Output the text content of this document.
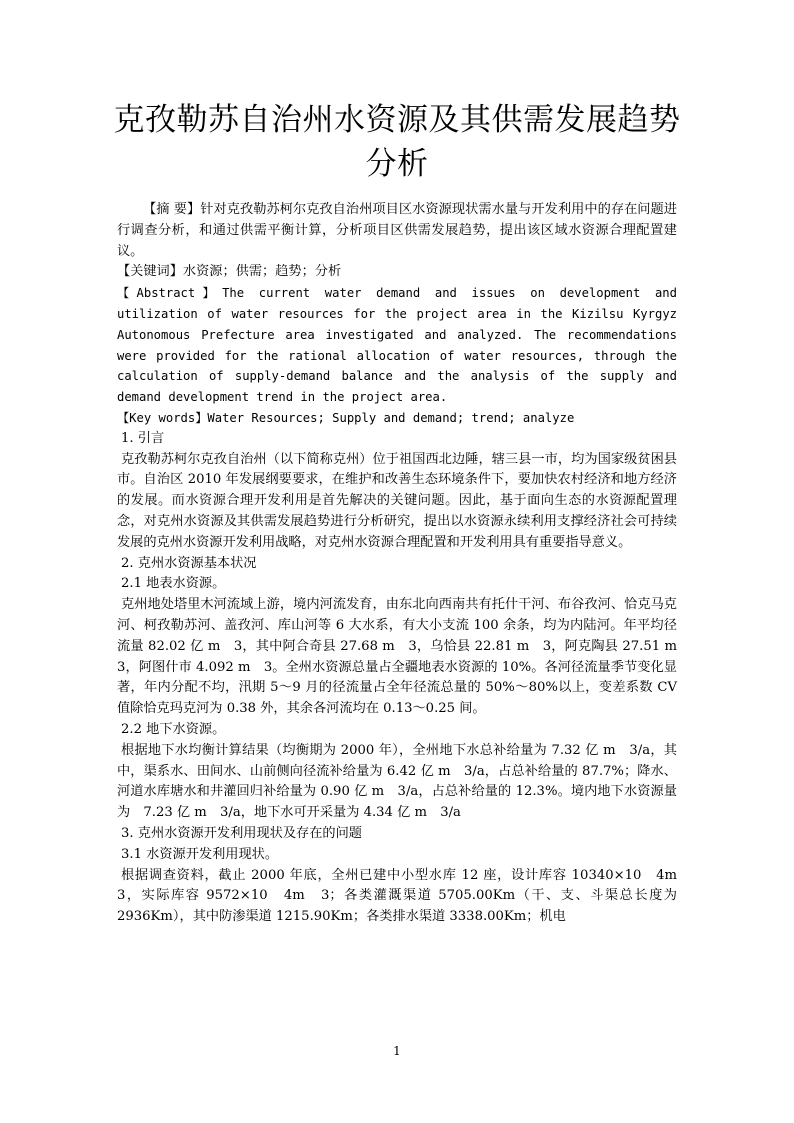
克孜勒苏自治州水资源及其供需发展趋势分析

【摘 要】针对克孜勒苏柯尔克孜自治州项目区水资源现状需水量与开发利用中的存在问题进行调查分析，和通过供需平衡计算，分析项目区供需发展趋势，提出该区域水资源合理配置建议。

【关键词】水资源；供需；趋势；分析

【Abstract】The current water demand and issues on development and utilization of water resources for the project area in the Kizilsu Kyrgyz Autonomous Prefecture area investigated and analyzed. The recommendations were provided for the rational allocation of water resources, through the calculation of supply-demand balance and the analysis of the supply and demand development trend in the project area.

【Key words】Water Resources; Supply and demand; trend; analyze

1. 引言

克孜勒苏柯尔克孜自治州（以下简称克州）位于祖国西北边陲，辖三县一市，均为国家级贫困县市。自治区 2010 年发展纲要要求，在维护和改善生态环境条件下，要加快农村经济和地方经济的发展。而水资源合理开发利用是首先解决的关键问题。因此，基于面向生态的水资源配置理念，对克州水资源及其供需发展趋势进行分析研究，提出以水资源永续利用支撑经济社会可持续发展的克州水资源开发利用战略，对克州水资源合理配置和开发利用具有重要指导意义。

2. 克州水资源基本状况

2.1 地表水资源。

克州地处塔里木河流域上游，境内河流发育，由东北向西南共有托什干河、布谷孜河、恰克马克河、柯孜勒苏河、盖孜河、库山河等 6 大水系，有大小支流 100 余条，均为内陆河。年平均径流量 82.02 亿 m　3，其中阿合奇县 27.68 m　3，乌恰县 22.81 m　3，阿克陶县 27.51 m　3，阿图什市 4.092 m　3。全州水资源总量占全疆地表水资源的 10%。各河径流量季节变化显著，年内分配不均，汛期 5～9 月的径流量占全年径流总量的 50%～80%以上，变差系数 CV 值除恰克玛克河为 0.38 外，其余各河流均在 0.13～0.25 间。

2.2 地下水资源。

根据地下水均衡计算结果（均衡期为 2000 年），全州地下水总补给量为 7.32 亿 m　3/a，其中，渠系水、田间水、山前侧向径流补给量为 6.42 亿 m　3/a，占总补给量的 87.7%；降水、河道水库塘水和井灌回归补给量为 0.90 亿 m　3/a，占总补给量的 12.3%。境内地下水资源量为　7.23 亿 m　3/a，地下水可开采量为 4.34 亿 m　3/a

3. 克州水资源开发利用现状及存在的问题

3.1 水资源开发利用现状。

根据调查资料，截止 2000 年底，全州已建中小型水库 12 座，设计库容 10340×10　4m　3，实际库容 9572×10　4m　3；各类灌溉渠道 5705.00Km（干、支、斗渠总长度为 2936Km），其中防渗渠道 1215.90Km；各类排水渠道 3338.00Km；机电

1
